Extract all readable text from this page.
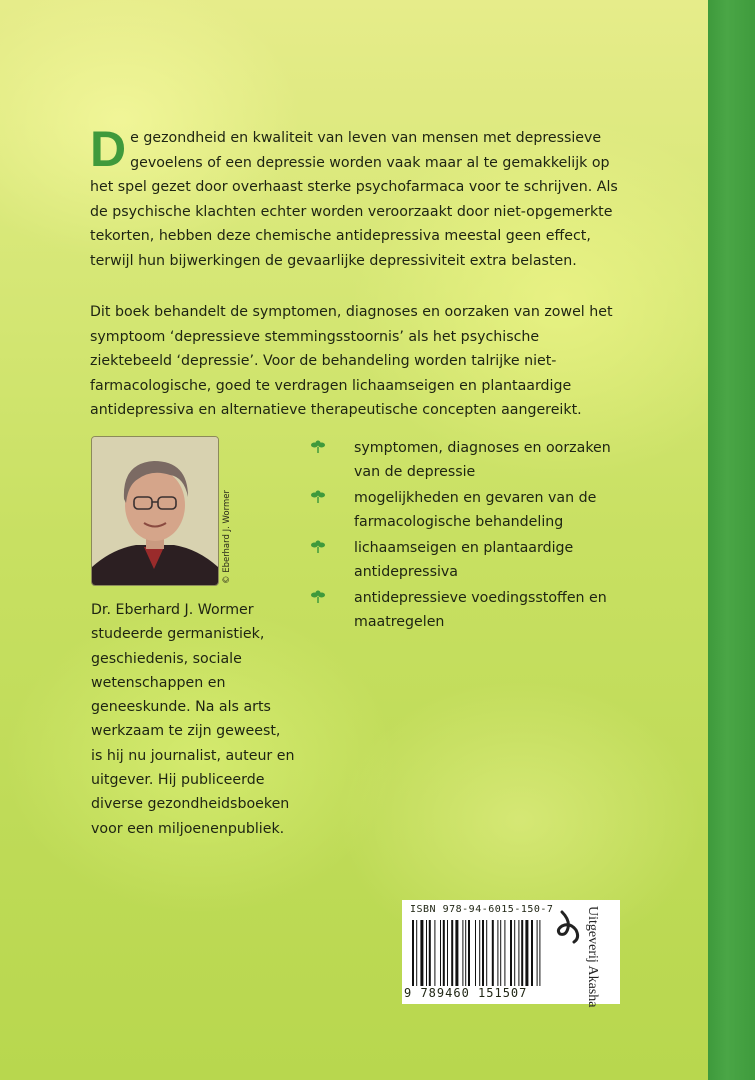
De gezondheid en kwaliteit van leven van mensen met depressieve gevoelens of een depressie worden vaak maar al te gemakkelijk op het spel gezet door overhaast sterke psychofarmaca voor te schrijven. Als de psychische klachten echter worden veroorzaakt door niet-opgemerkte tekorten, hebben deze chemische antidepressiva meestal geen effect, terwijl hun bijwerkingen de gevaarlijke depressiviteit extra belasten.

Dit boek behandelt de symptomen, diagnoses en oorzaken van zowel het symptoom ‘depressieve stemmingsstoornis’ als het psychische ziektebeeld ‘depressie’. Voor de behandeling worden talrijke niet-farmacologische, goed te verdragen lichaamseigen en plantaardige antidepressiva en alternatieve therapeutische concepten aangereikt.

© Eberhard J. Wormer
symptomen, diagnoses en oorzaken van de depressie
mogelijkheden en gevaren van de farmacologische behandeling
lichaamseigen en plantaardige antidepressiva
antidepressieve voedingsstoffen en maatregelen

Dr. Eberhard J. Wormer studeerde germanistiek, geschiedenis, sociale wetenschappen en geneeskunde. Na als arts werkzaam te zijn geweest, is hij nu journalist, auteur en uitgever. Hij publiceerde diverse gezondheidsboeken voor een miljoenenpubliek.

ISBN 978-94-6015-150-7
9 789460 151507	Uitgeverij Akasha
